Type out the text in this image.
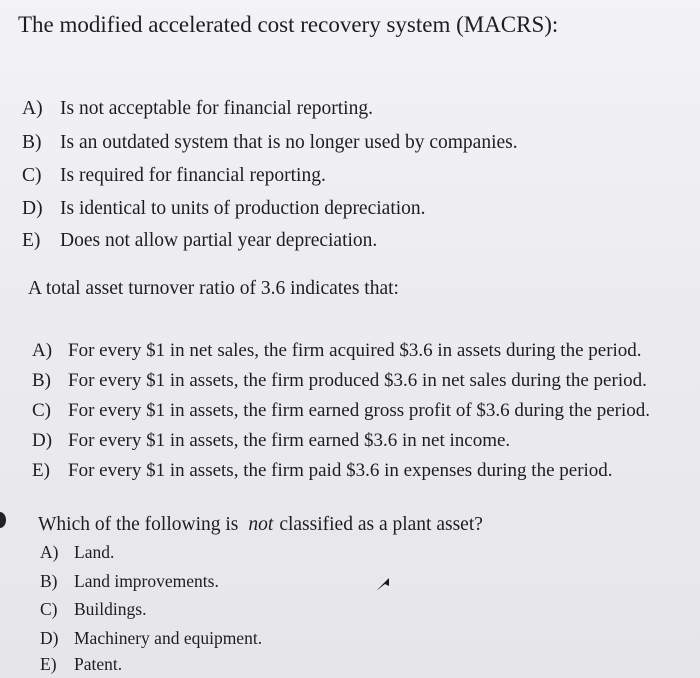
The modified accelerated cost recovery system (MACRS):
A) Is not acceptable for financial reporting.
B) Is an outdated system that is no longer used by companies.
C) Is required for financial reporting.
D) Is identical to units of production depreciation.
E) Does not allow partial year depreciation.
A total asset turnover ratio of 3.6 indicates that:
A) For every $1 in net sales, the firm acquired $3.6 in assets during the period.
B) For every $1 in assets, the firm produced $3.6 in net sales during the period.
C) For every $1 in assets, the firm earned gross profit of $3.6 during the period.
D) For every $1 in assets, the firm earned $3.6 in net income.
E) For every $1 in assets, the firm paid $3.6 in expenses during the period.
Which of the following is not classified as a plant asset?
A) Land.
B) Land improvements.
C) Buildings.
D) Machinery and equipment.
E) Patent.
